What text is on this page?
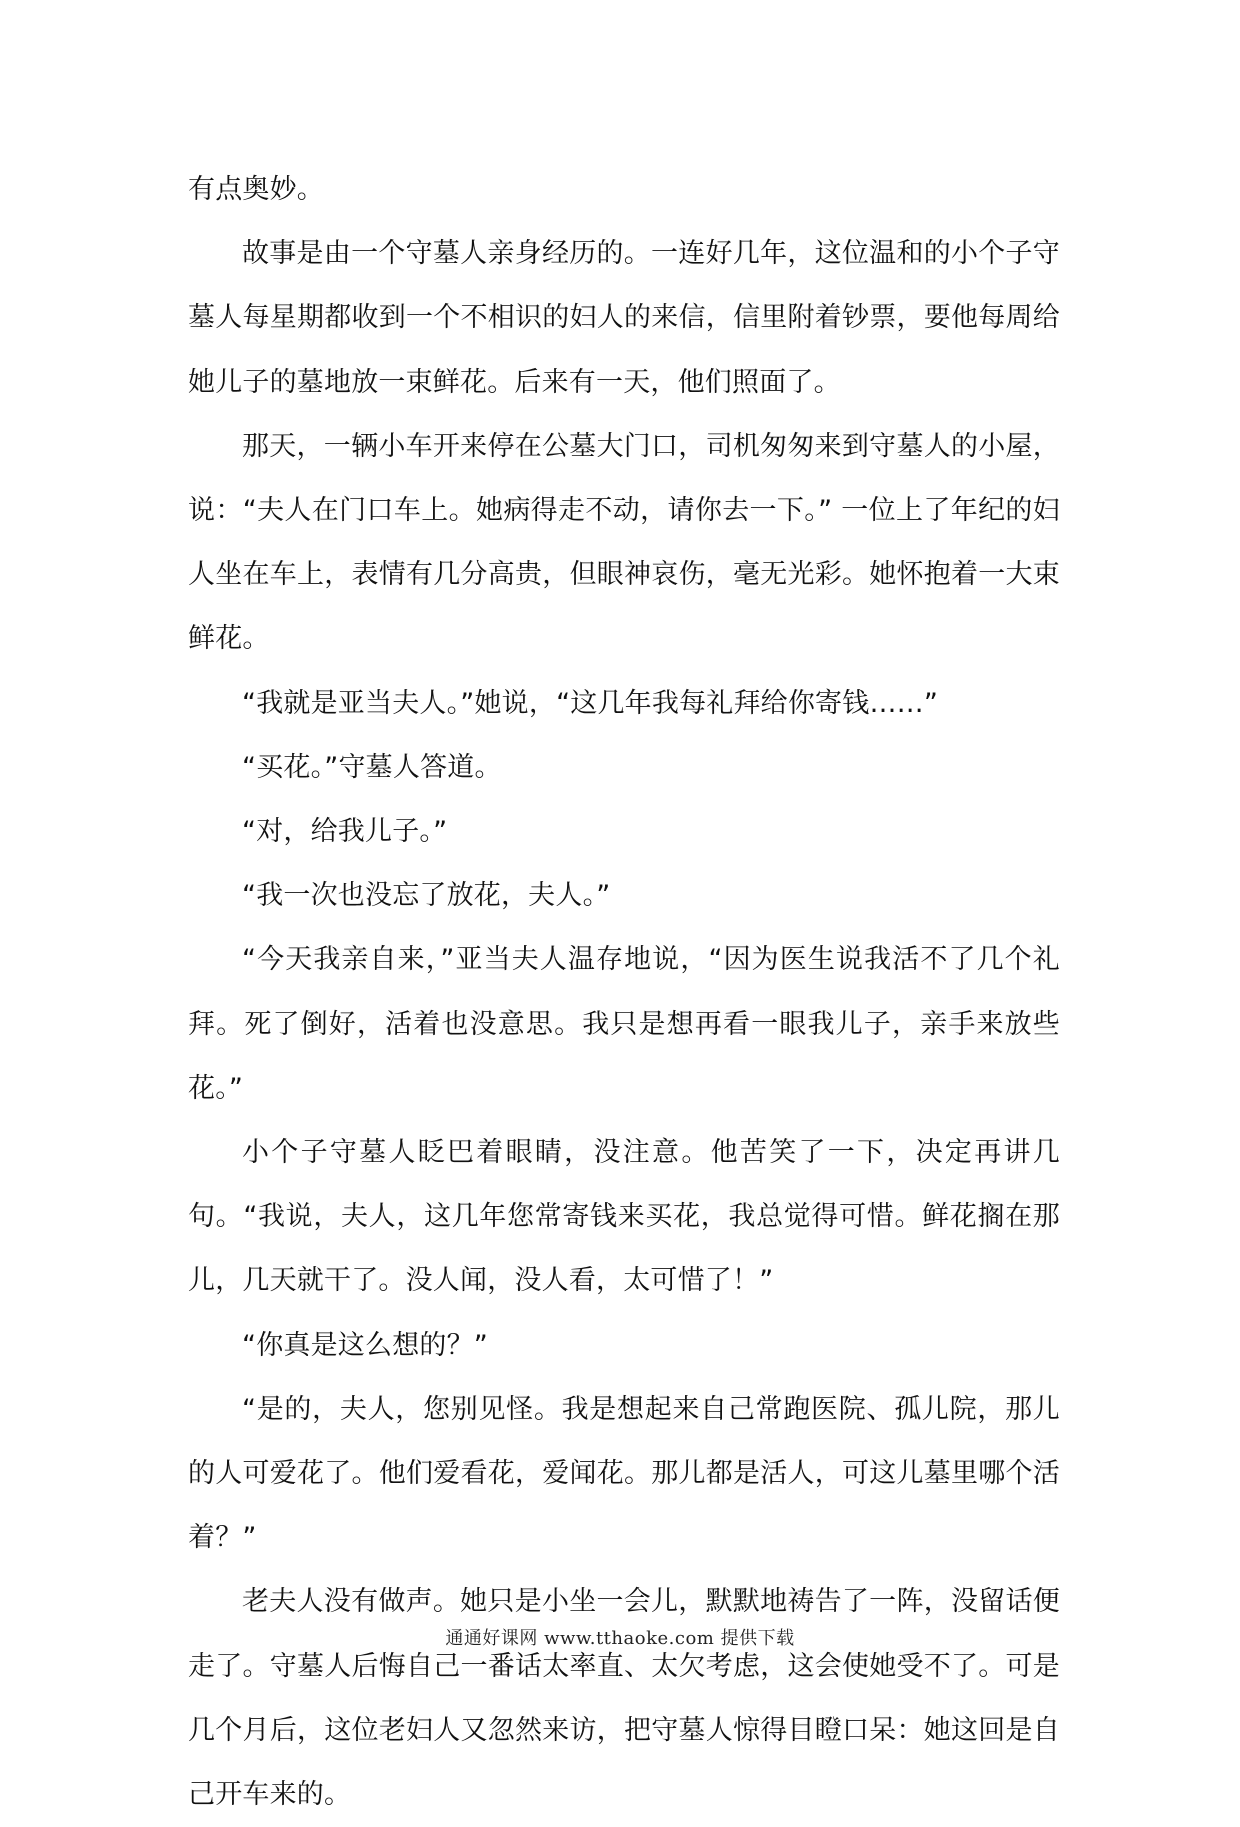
有点奥妙。

故事是由一个守墓人亲身经历的。一连好几年，这位温和的小个子守墓人每星期都收到一个不相识的妇人的来信，信里附着钞票，要他每周给她儿子的墓地放一束鲜花。后来有一天，他们照面了。

那天，一辆小车开来停在公墓大门口，司机匆匆来到守墓人的小屋，说：“夫人在门口车上。她病得走不动，请你去一下。” 一位上了年纪的妇人坐在车上，表情有几分高贵，但眼神哀伤，毫无光彩。她怀抱着一大束鲜花。

“我就是亚当夫人。”她说，“这几年我每礼拜给你寄钱……”

“买花。”守墓人答道。

“对，给我儿子。”

“我一次也没忘了放花，夫人。”

“今天我亲自来，”亚当夫人温存地说，“因为医生说我活不了几个礼拜。死了倒好，活着也没意思。我只是想再看一眼我儿子，亲手来放些花。”

小个子守墓人眨巴着眼睛，没注意。他苦笑了一下，决定再讲几句。“我说，夫人，这几年您常寄钱来买花，我总觉得可惜。鲜花搁在那儿，几天就干了。没人闻，没人看，太可惜了！”

“你真是这么想的？”

“是的，夫人，您别见怪。我是想起来自己常跑医院、孤儿院，那儿的人可爱花了。他们爱看花，爱闻花。那儿都是活人，可这儿墓里哪个活着？”

老夫人没有做声。她只是小坐一会儿，默默地祷告了一阵，没留话便走了。守墓人后悔自己一番话太率直、太欠考虑，这会使她受不了。可是几个月后，这位老妇人又忽然来访，把守墓人惊得目瞪口呆：她这回是自己开车来的。

通通好课网 www.tthaoke.com 提供下载
